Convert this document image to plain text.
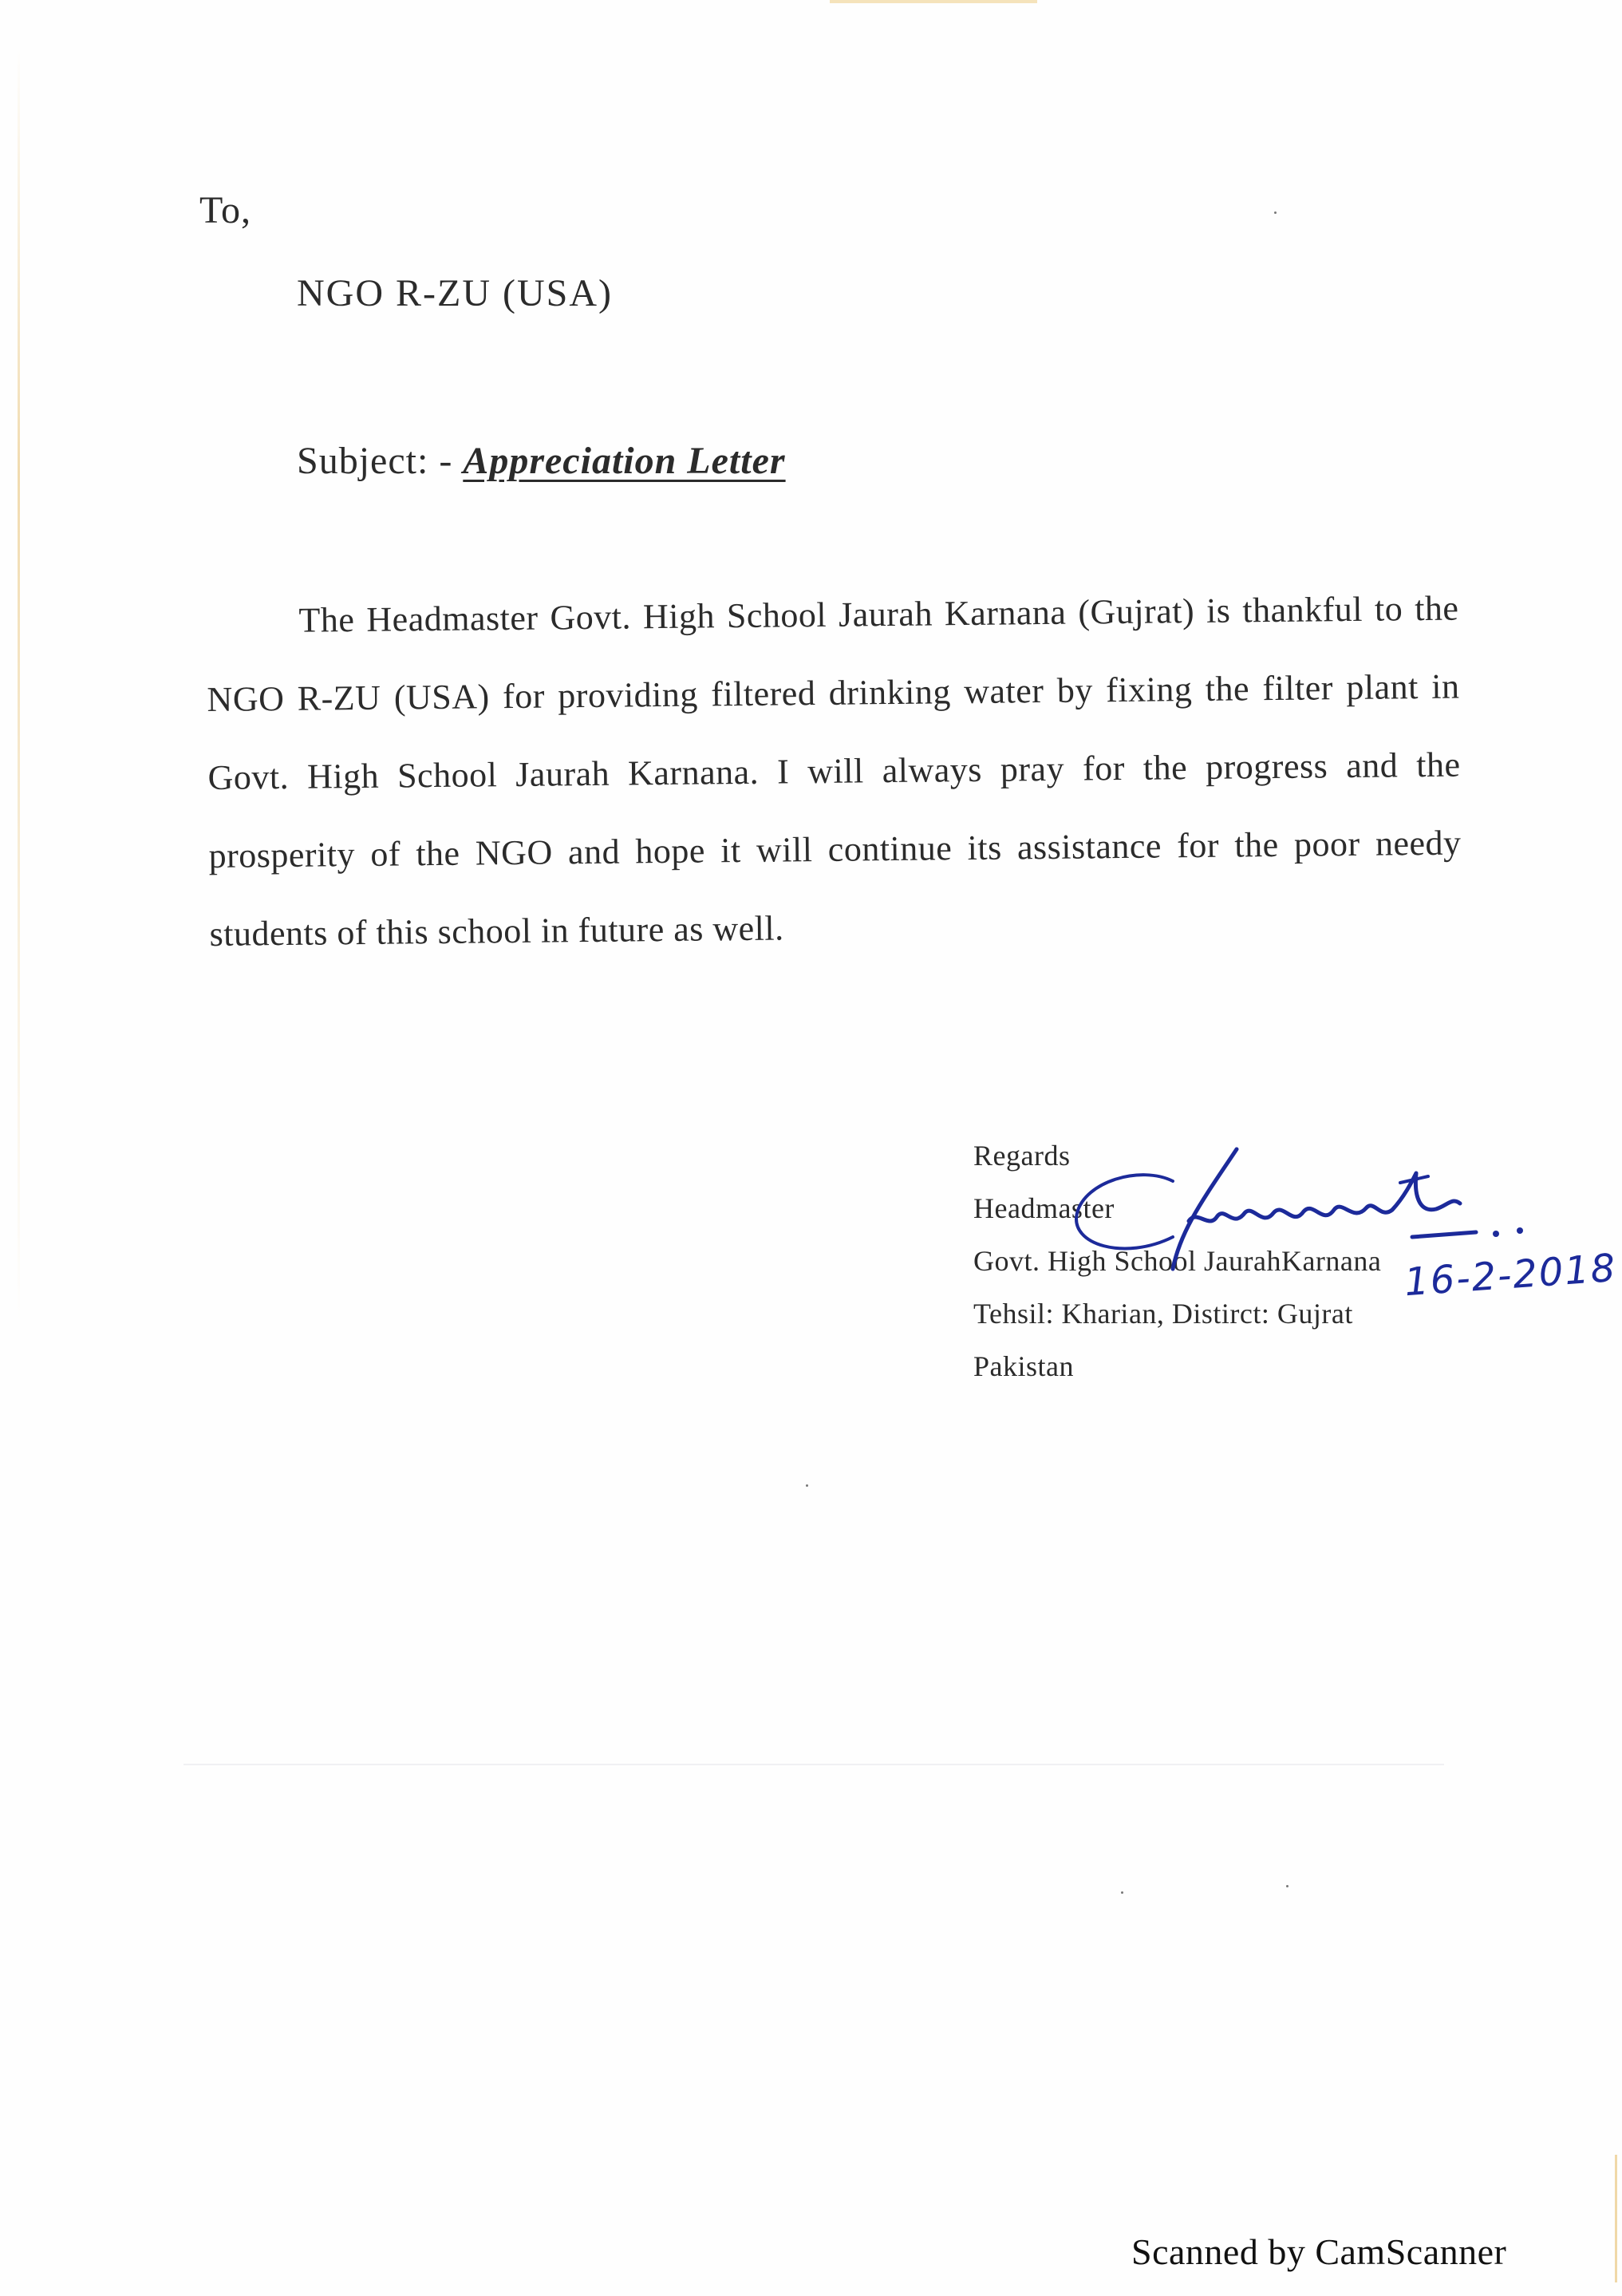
To,
NGO R-ZU (USA)
Subject: - Appreciation Letter
The Headmaster Govt. High School Jaurah Karnana (Gujrat) is thankful to the NGO R-ZU (USA) for providing filtered drinking water by fixing the filter plant in Govt. High School Jaurah Karnana. I will always pray for the progress and the prosperity of the NGO and hope it will continue its assistance for the poor needy students of this school in future as well.
Regards
Headmaster
Govt. High School JaurahKarnana
Tehsil: Kharian, Distirct: Gujrat
Pakistan
16-2-2018
Scanned by CamScanner
